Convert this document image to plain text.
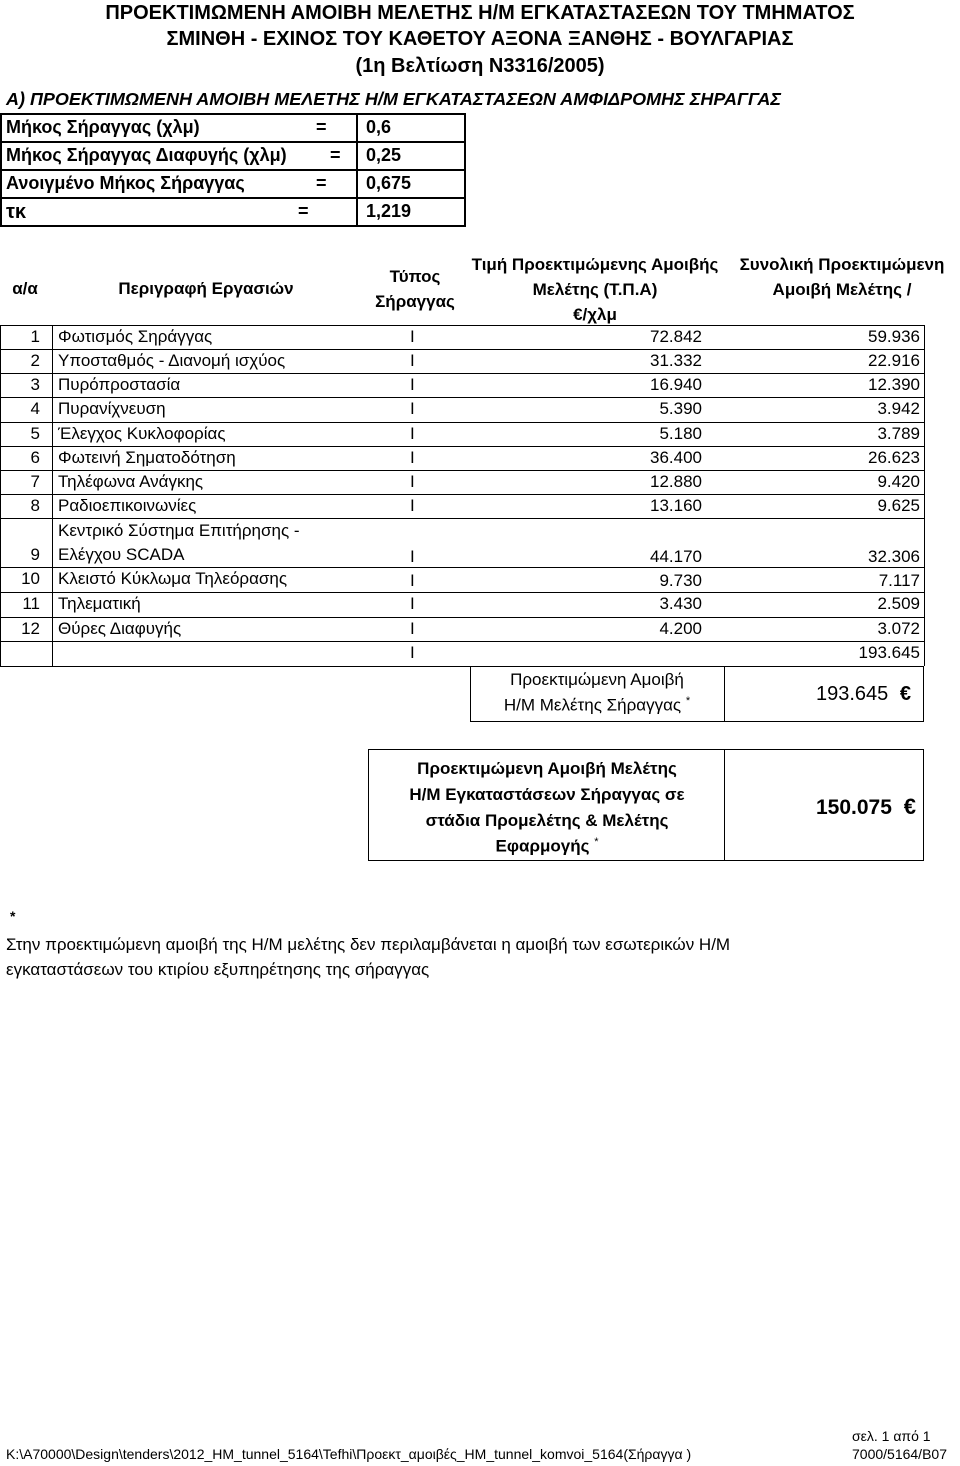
ΠΡΟΕΚΤΙΜΩΜΕΝΗ ΑΜΟΙΒΗ ΜΕΛΕΤΗΣ Η/Μ ΕΓΚΑΤΑΣΤΑΣΕΩΝ ΤΟΥ ΤΜΗΜΑΤΟΣ
ΣΜΙΝΘΗ - ΕΧΙΝΟΣ ΤΟΥ ΚΑΘΕΤΟΥ ΑΞΟΝΑ ΞΑΝΘΗΣ - ΒΟΥΛΓΑΡΙΑΣ
(1η Βελτίωση Ν3316/2005)
Α) ΠΡΟΕΚΤΙΜΩΜΕΝΗ ΑΜΟΙΒΗ ΜΕΛΕΤΗΣ Η/Μ ΕΓΚΑΤΑΣΤΑΣΕΩΝ ΑΜΦΙΔΡΟΜΗΣ ΣΗΡΑΓΓΑΣ
Μήκος Σήραγγας (χλμ)	= 0,6
Μήκος Σήραγγας Διαφυγής (χλμ) = 0,25
Ανοιγμένο Μήκος Σήραγγας	= 0,675
τκ	=	1,219
α/α	Περιγραφή Εργασιών
Τύπος Σήραγγας
Τιμή Προεκτιμώμενης Αμοιβής Μελέτης (Τ.Π.Α)
€/χλμ
Συνολική Προεκτιμώμενη Αμοιβή Μελέτης /
1 Φωτισμός Σηράγγας	Ι	72.842	59.936
2 Υποσταθμός - Διανομή ισχύος	Ι	31.332	22.916
3 Πυρόπροστασία	Ι	16.940	12.390
4 Πυρανίχνευση	Ι	5.390	3.942
5 Έλεγχος Κυκλοφορίας	Ι	5.180	3.789
6 Φωτεινή Σηματοδότηση	Ι	36.400	26.623
7 Τηλέφωνα Ανάγκης	Ι	12.880	9.420
8 Ραδιοεπικοινωνίες	Ι	13.160	9.625
9
Κεντρικό Σύστημα Επιτήρησης -
Ελέγχου SCADA	Ι	44.170	32.306
10 Κλειστό Κύκλωμα Τηλεόρασης	Ι	9.730	7.117
11 Τηλεματική	Ι	3.430	2.509
12 Θύρες Διαφυγής	Ι	4.200	3.072
Ι	193.645
Προεκτιμώμενη Αμοιβή
Η/Μ Μελέτης Σήραγγας *	193.645 €
Προεκτιμώμενη Αμοιβή Μελέτης
Η/Μ Εγκαταστάσεων Σήραγγας σε
στάδια Προμελέτης & Μελέτης
Εφαρμογής *
150.075 €
*
Στην προεκτιμώμενη αμοιβή της Η/Μ μελέτης δεν περιλαμβάνεται η αμοιβή των εσωτερικών Η/Μ
εγκαταστάσεων του κτιρίου εξυπηρέτησης της σήραγγας
σελ. 1 από 1
K:\A70000\Design\tenders\2012_HM_tunnel_5164\Tefhi\Προεκτ_αμοιβές_HM_tunnel_komvoi_5164(Σήραγγα )	7000/5164/B07
